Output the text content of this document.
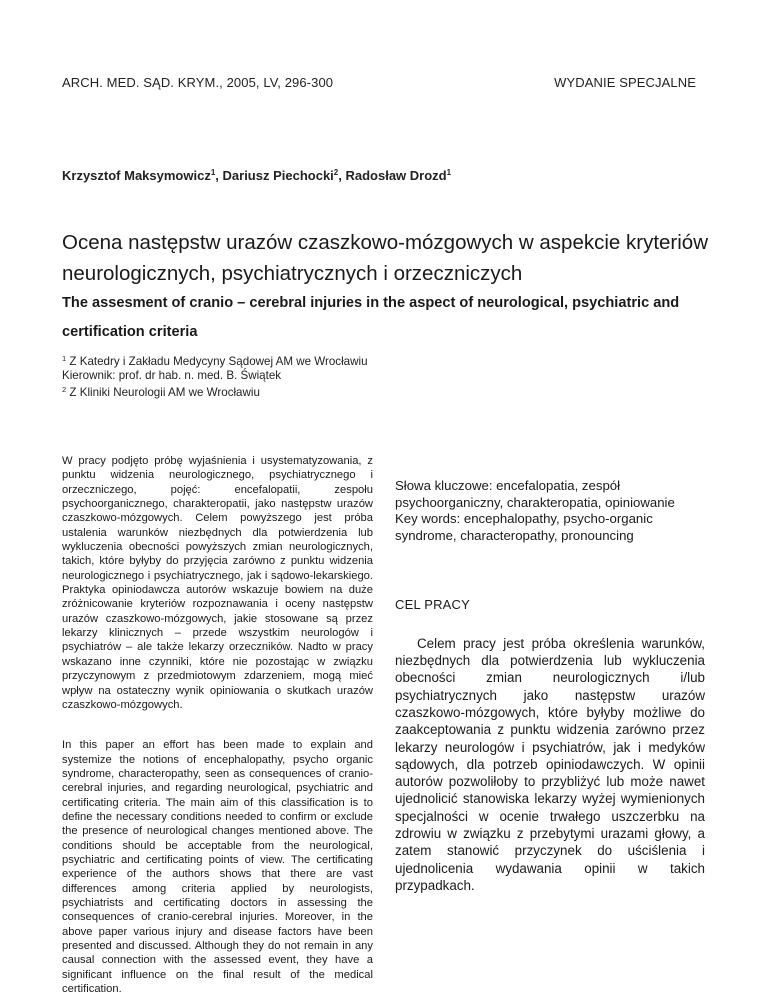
ARCH. MED. SĄD. KRYM., 2005, LV, 296-300	WYDANIE SPECJALNE
Krzysztof Maksymowicz$^1$, Dariusz Piechocki$^2$, Radosław Drozd$^1$
Ocena następstw urazów czaszkowo-mózgowych w aspekcie kryteriów neurologicznych, psychiatrycznych i orzeczniczych
The assesment of cranio – cerebral injuries in the aspect of neurological, psychiatric and certification criteria
$^1$ Z Katedry i Zakładu Medycyny Sądowej AM we Wrocławiu
Kierownik: prof. dr hab. n. med. B. Świątek
$^2$ Z Kliniki Neurologii AM we Wrocławiu

W pracy podjęto próbę wyjaśnienia i usystematyzowania, z punktu widzenia neurologicznego, psychiatrycznego i orzeczniczego, pojęć: encefalopatii, zespołu psychoorganicznego, charakteropatii, jako następstw urazów czaszkowo-mózgowych. Celem powyższego jest próba ustalenia warunków niezbędnych dla potwierdzenia lub wykluczenia obecności powyższych zmian neurologicznych, takich, które byłyby do przyjęcia zarówno z punktu widzenia neurologicznego i psychiatrycznego, jak i sądowo-lekarskiego. Praktyka opiniodawcza autorów wskazuje bowiem na duże zróżnicowanie kryteriów rozpoznawania i oceny następstw urazów czaszkowo-mózgowych, jakie stosowane są przez lekarzy klinicznych – przede wszystkim neurologów i psychiatrów – ale także lekarzy orzeczników. Nadto w pracy wskazano inne czynniki, które nie pozostając w związku przyczynowym z przedmiotowym zdarzeniem, mogą mieć wpływ na ostateczny wynik opiniowania o skutkach urazów czaszkowo-mózgowych.

In this paper an effort has been made to explain and systemize the notions of encephalopathy, psycho organic syndrome, characteropathy, seen as consequences of cranio-cerebral injuries, and regarding neurological, psychiatric and certificating criteria. The main aim of this classification is to define the necessary conditions needed to confirm or exclude the presence of neurological changes mentioned above. The conditions should be acceptable from the neurological, psychiatric and certificating points of view. The certificating experience of the authors shows that there are vast differences among criteria applied by neurologists, psychiatrists and certificating doctors in assessing the consequences of cranio-cerebral injuries. Moreover, in the above paper various injury and disease factors have been presented and discussed. Although they do not remain in any causal connection with the assessed event, they have a significant influence on the final result of the medical certification.

Słowa kluczowe: encefalopatia, zespół psychoorganiczny, charakteropatia, opiniowanie

Key words: encephalopathy, psycho-organic syndrome, characteropathy, pronouncing

CEL PRACY

Celem pracy jest próba określenia warunków, niezbędnych dla potwierdzenia lub wykluczenia obecności zmian neurologicznych i/lub psychiatrycznych jako następstw urazów czaszkowo-mózgowych, które byłyby możliwe do zaakceptowania z punktu widzenia zarówno przez lekarzy neurologów i psychiatrów, jak i medyków sądowych, dla potrzeb opiniodawczych. W opinii autorów pozwoliłoby to przybliżyć lub może nawet ujednolicić stanowiska lekarzy wyżej wymienionych specjalności w ocenie trwałego uszczerbku na zdrowiu w związku z przebytymi urazami głowy, a zatem stanowić przyczynek do uściślenia i ujednolicenia wydawania opinii w takich przypadkach.
